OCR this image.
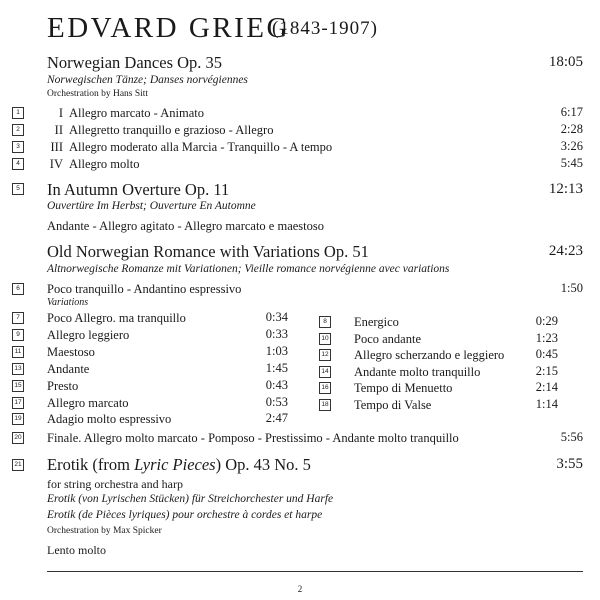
EDVARD GRIEG
(1843-1907)
Norwegian Dances Op. 35	18:05
Norwegischen Tänze; Danses norvégiennes
Orchestration by Hans Sitt
1	I Allegro marcato - Animato	6:17
2	II Allegretto tranquillo e grazioso - Allegro	2:28
3	III Allegro moderato alla Marcia - Tranquillo - A tempo	3:26
4	IV Allegro molto	5:45
5 In Autumn Overture Op. 11	12:13
Ouvertüre Im Herbst; Ouverture En Automne
Andante - Allegro agitato - Allegro marcato e maestoso
Old Norwegian Romance with Variations Op. 51	24:23
Altnorwegische Romanze mit Variationen; Vieille romance norvégienne avec variations
6	Poco tranquillo - Andantino espressivo	1:50
Variations
7	Poco Allegro. ma tranquillo	0:34
9	Allegro leggiero	0:33
11 Maestoso	1:03
13 Andante	1:45
15 Presto	0:43
17 Allegro marcato	0:53
19 Adagio molto espressivo	2:47
8	Energico	0:29
10 Poco andante	1:23
12 Allegro scherzando e leggiero	0:45
14 Andante molto tranquillo	2:15
16 Tempo di Menuetto	2:14
18 Tempo di Valse	1:14
20 Finale. Allegro molto marcato - Pomposo - Prestissimo - Andante molto tranquillo	5:56
21 Erotik (from Lyric Pieces) Op. 43 No. 5	3:55
for string orchestra and harp
Erotik (von Lyrischen Stücken) für Streichorchester und Harfe
Erotik (de Pièces lyriques) pour orchestre à cordes et harpe
Orchestration by Max Spicker
Lento molto
2
